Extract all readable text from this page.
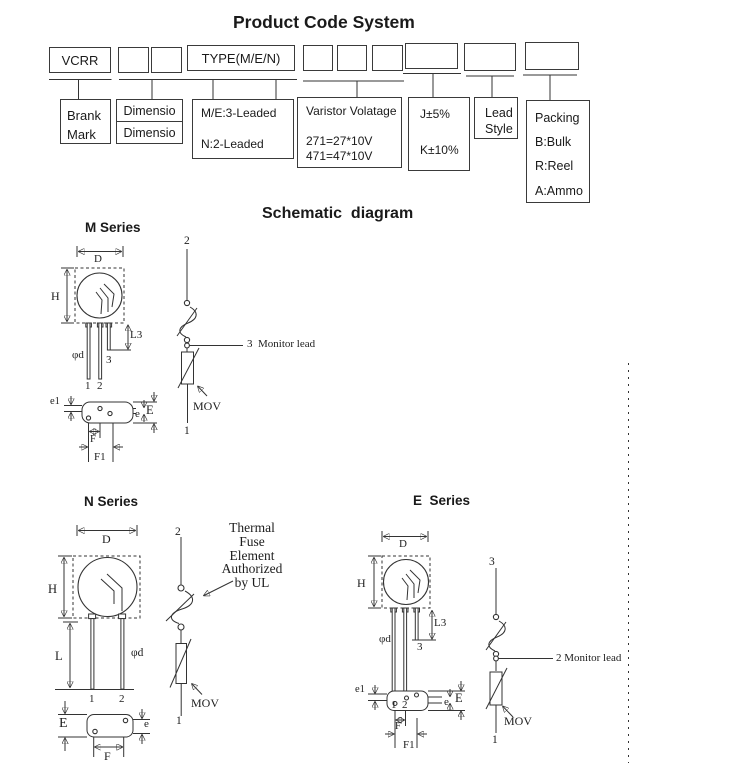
Product Code System
VCRR	TYPE(M/E/N)
Brank
Mark
Dimensio
Dimensio
M/E:3-Leaded
N:2-Leaded
Varistor Volatage
271=27*10V
471=47*10V
J±5%
K±10%
Lead
Style
Packing
B:Bulk
R:Reel
A:Ammo
Schematic  diagram
M Series
D
H
L3
φd 3
1 2
e1
e E
F
F1
2
3  Monitor lead
MOV
1
N Series
D
H
L	φd
1 2
E	e
F
2
MOV
1
Thermal
Fuse
Element
Authorized
by UL
E  Series
D
H
L3
φd
3
1 2
e1
e E
F
F1
3
2 Monitor lead
MOV
1
